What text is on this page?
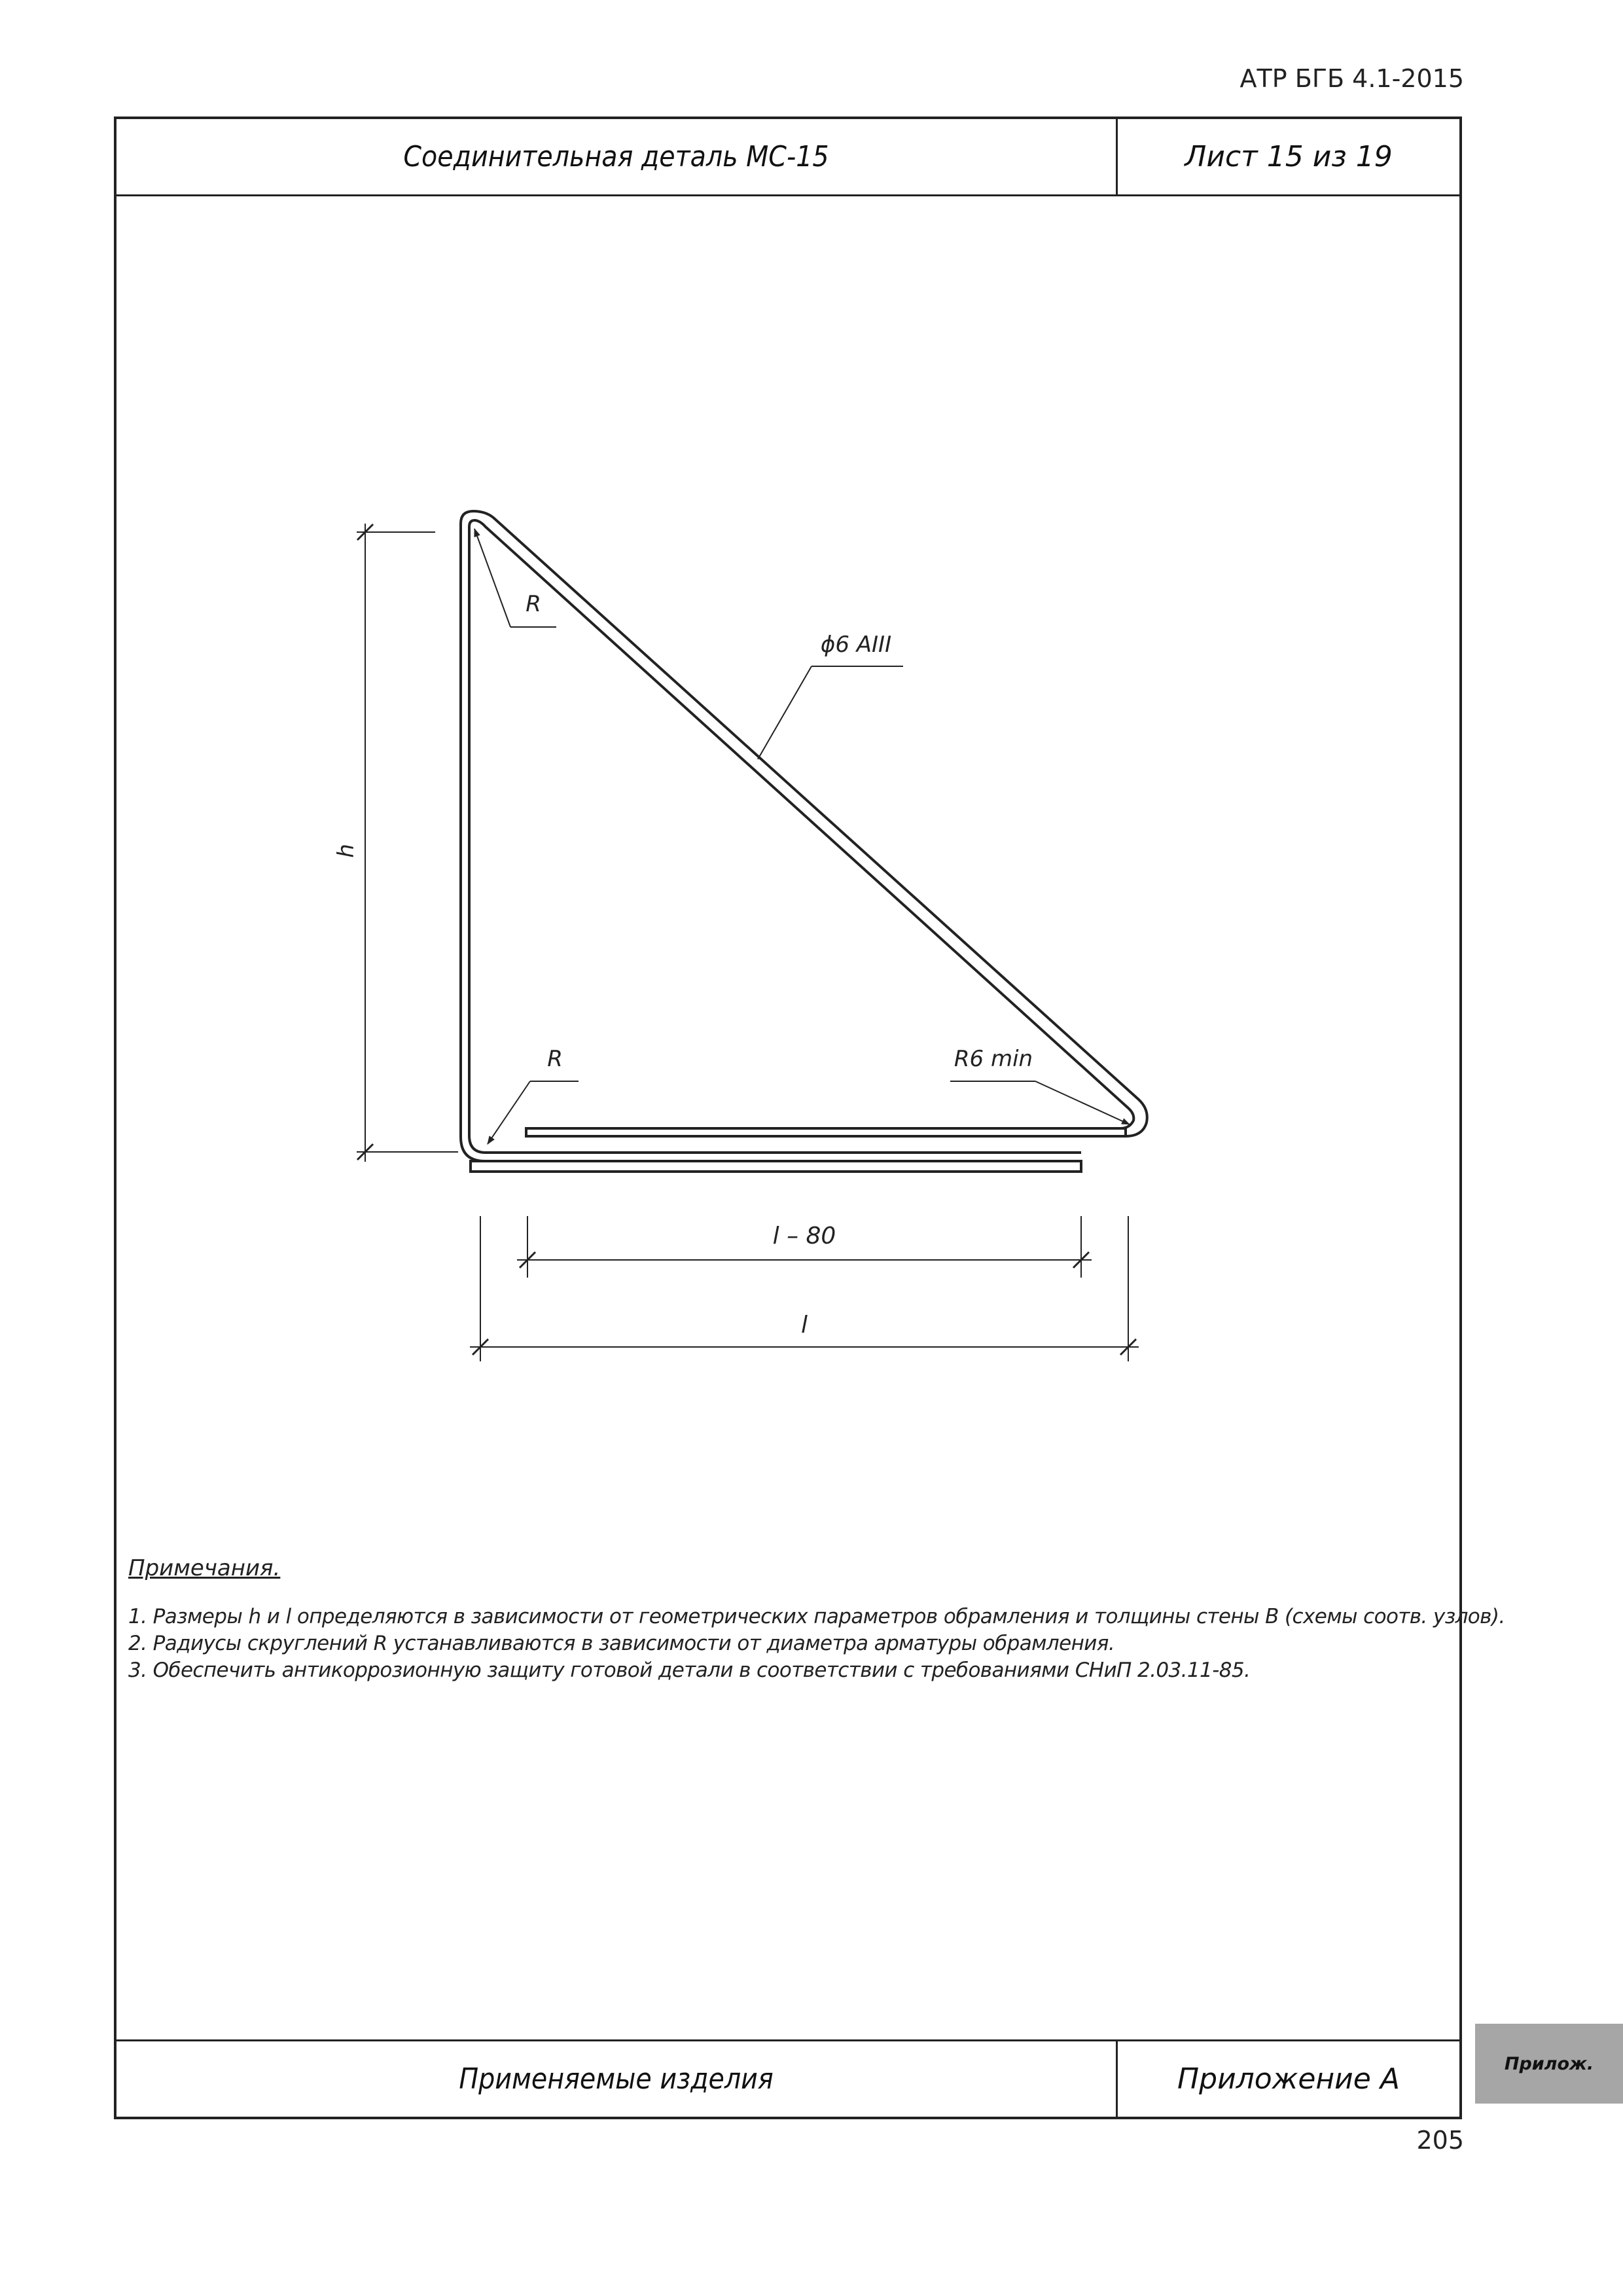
АТР БГБ 4.1-2015
Соединительная деталь МС-15	Лист 15 из 19
Применяемые изделия	Приложение А
h
R
R	R6 min
ϕ6 AIII
l – 80
l
Примечания.
1. Размеры h и l определяются в зависимости от геометрических параметров обрамления и толщины стены B (схемы соотв. узлов).
2. Радиусы скруглений R устанавливаются в зависимости от диаметра арматуры обрамления.
3. Обеспечить антикоррозионную защиту готовой детали в соответствии с требованиями СНиП 2.03.11-85.
Прилож.
205
